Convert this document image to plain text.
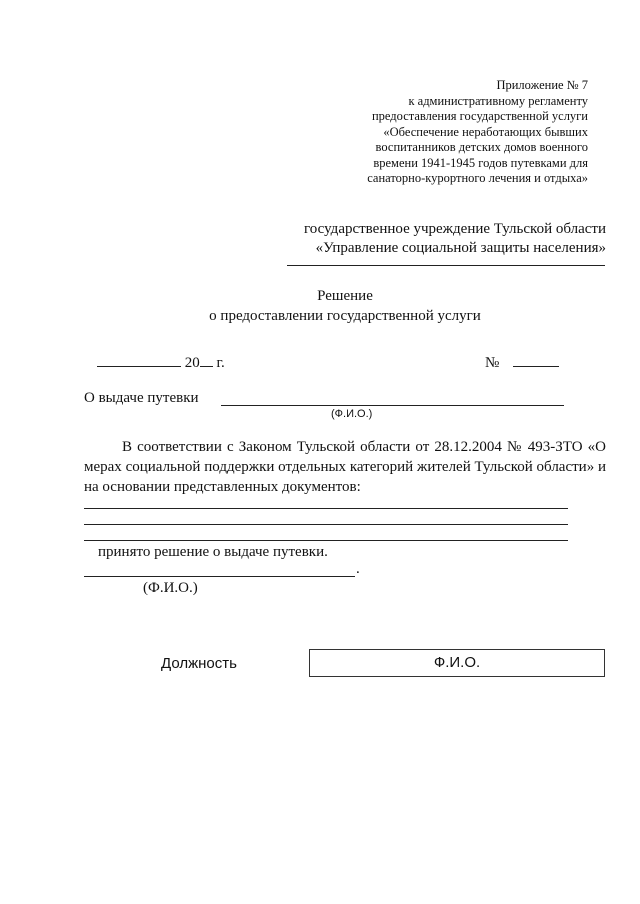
Приложение № 7
к административному регламенту
предоставления государственной услуги
«Обеспечение неработающих бывших
воспитанников детских домов военного
времени 1941-1945 годов путевками для
санаторно-курортного лечения и отдыха»
государственное учреждение Тульской области
«Управление социальной защиты населения»
Решение
о предоставлении государственной услуги
20 г.	№
О выдаче путевки
(Ф.И.О.)
В соответствии с Законом Тульской области от 28.12.2004 № 493-ЗТО «О мерах социальной поддержки отдельных категорий жителей Тульской области» и на основании представленных документов:
принято решение о выдаче путевки.
.
(Ф.И.О.)
Должность	Ф.И.О.
